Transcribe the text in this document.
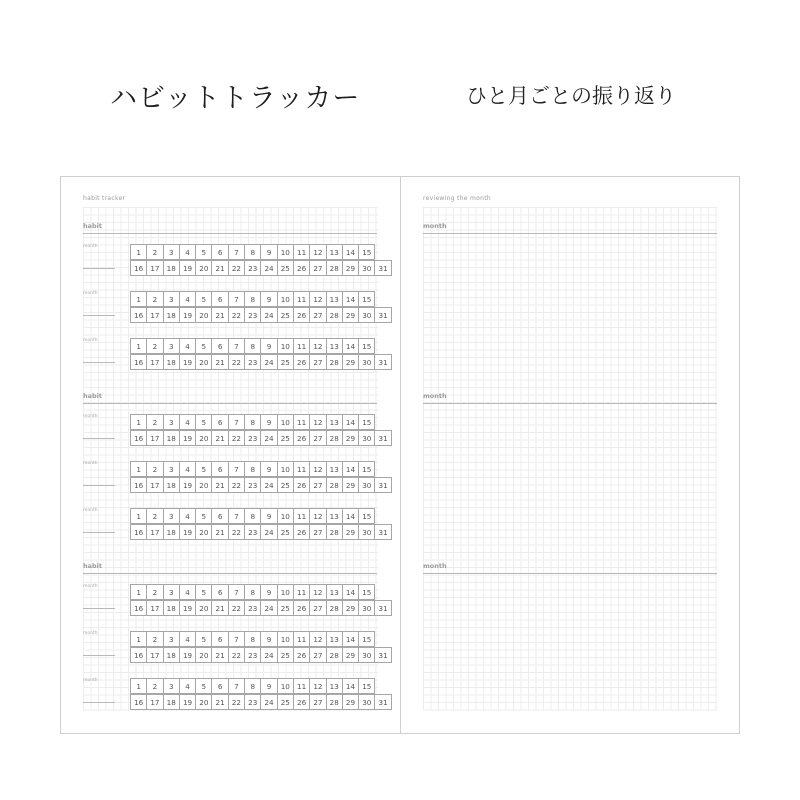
ハビットトラッカー	ひと月ごとの振り返り
habit tracker
habit
month
1	2	3	4	5	6	7	8	9	10 11 12 13 14 15
16 17 18 19 20 21 22 23 24 25 26 27 28 29 30 31
month
1	2	3	4	5	6	7	8	9	10 11 12 13 14 15
16 17 18 19 20 21 22 23 24 25 26 27 28 29 30 31
month
1	2	3	4	5	6	7	8	9	10 11 12 13 14 15
16 17 18 19 20 21 22 23 24 25 26 27 28 29 30 31
habit
month
1	2	3	4	5	6	7	8	9	10 11 12 13 14 15
16 17 18 19 20 21 22 23 24 25 26 27 28 29 30 31
month
1	2	3	4	5	6	7	8	9	10 11 12 13 14 15
16 17 18 19 20 21 22 23 24 25 26 27 28 29 30 31
month
1	2	3	4	5	6	7	8	9	10 11 12 13 14 15
16 17 18 19 20 21 22 23 24 25 26 27 28 29 30 31
habit
month
1	2	3	4	5	6	7	8	9	10 11 12 13 14 15
16 17 18 19 20 21 22 23 24 25 26 27 28 29 30 31
month
1	2	3	4	5	6	7	8	9	10 11 12 13 14 15
16 17 18 19 20 21 22 23 24 25 26 27 28 29 30 31
month
1	2	3	4	5	6	7	8	9	10 11 12 13 14 15
16 17 18 19 20 21 22 23 24 25 26 27 28 29 30 31
reviewing the month
month
month
month
